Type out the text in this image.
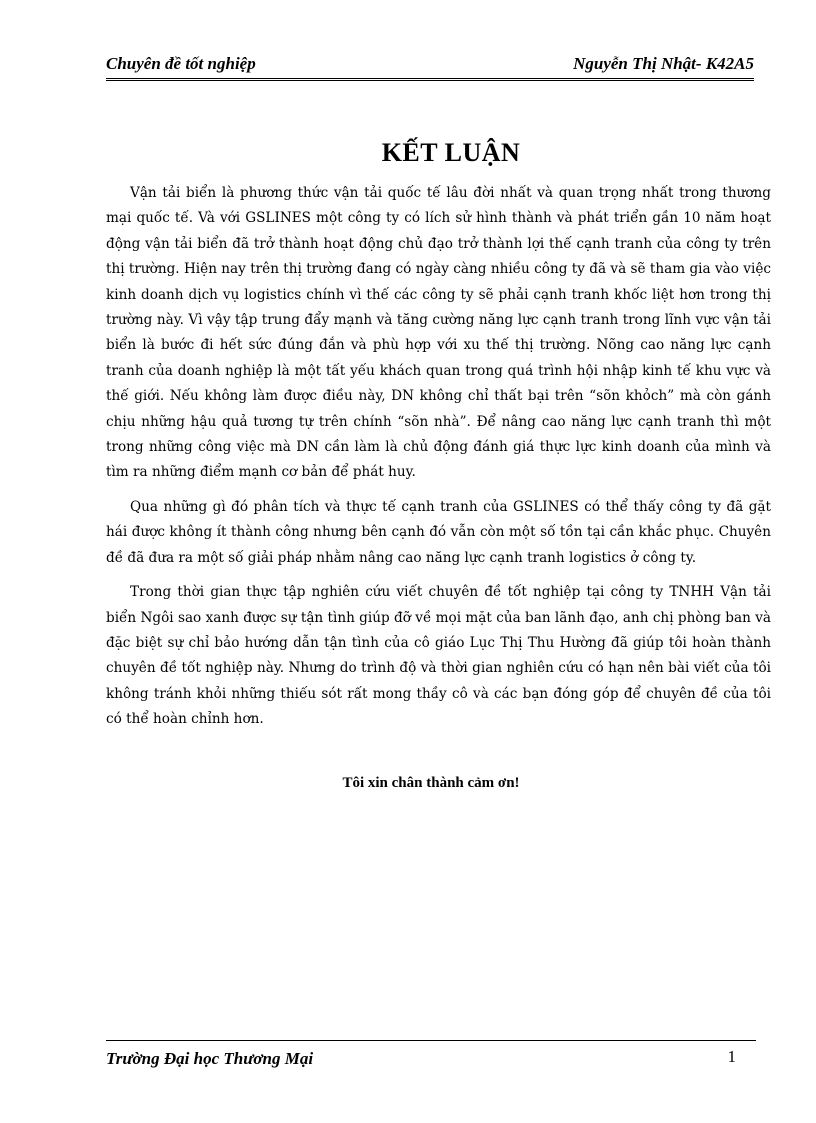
Chuyên đề tốt nghiệp	Nguyễn Thị Nhật- K42A5
KẾT LUẬN

Vận tải biển là phương thức vận tải quốc tế lâu đời nhất và quan trọng nhất trong thương mại quốc tế. Và với GSLINES một công ty có lích sử hình thành và phát triển gần 10 năm hoạt động vận tải biển đã trở thành hoạt động chủ đạo trở thành lợi thế cạnh tranh của công ty trên thị trường. Hiện nay trên thị trường đang có ngày càng nhiều công ty đã và sẽ tham gia vào việc kinh doanh dịch vụ logistics chính vì thế các công ty sẽ phải cạnh tranh khốc liệt hơn trong thị trường này. Vì vậy tập trung đẩy mạnh và tăng cường năng lực cạnh tranh trong lĩnh vực vận tải biển là bước đi hết sức đúng đắn và phù hợp với xu thế thị trường. Nõng cao năng lực cạnh tranh của doanh nghiệp là một tất yếu khách quan trong quá trình hội nhập kinh tế khu vực và thế giới. Nếu không làm được điều này, DN không chỉ thất bại trên “sõn khỏch” mà còn gánh chịu những hậu quả tương tự trên chính “sõn nhà”. Để nâng cao năng lực cạnh tranh thì một trong những công việc mà DN cần làm là chủ động đánh giá thực lực kinh doanh của mình và tìm ra những điểm mạnh cơ bản để phát huy.

Qua những gì đó phân tích và thực tế cạnh tranh của GSLINES có thể thấy công ty đã gặt hái được không ít thành công nhưng bên cạnh đó vẫn còn một số tồn tại cần khắc phục. Chuyên đề đã đưa ra một số giải pháp nhằm nâng cao năng lực cạnh tranh logistics ở công ty.

Trong thời gian thực tập nghiên cứu viết chuyên đề tốt nghiệp tại công ty TNHH Vận tải biển Ngôi sao xanh được sự tận tình giúp đỡ về mọi mặt của ban lãnh đạo, anh chị phòng ban và đặc biệt sự chỉ bảo hướng dẫn tận tình của cô giáo Lục Thị Thu Hường đã giúp tôi hoàn thành chuyên đề tốt nghiệp này. Nhưng do trình độ và thời gian nghiên cứu có hạn nên bài viết của tôi không tránh khỏi những thiếu sót rất mong thầy cô và các bạn đóng góp để chuyên đề của tôi có thể hoàn chỉnh hơn.

Tôi xin chân thành cảm ơn!
Trường Đại học Thương Mại	1
